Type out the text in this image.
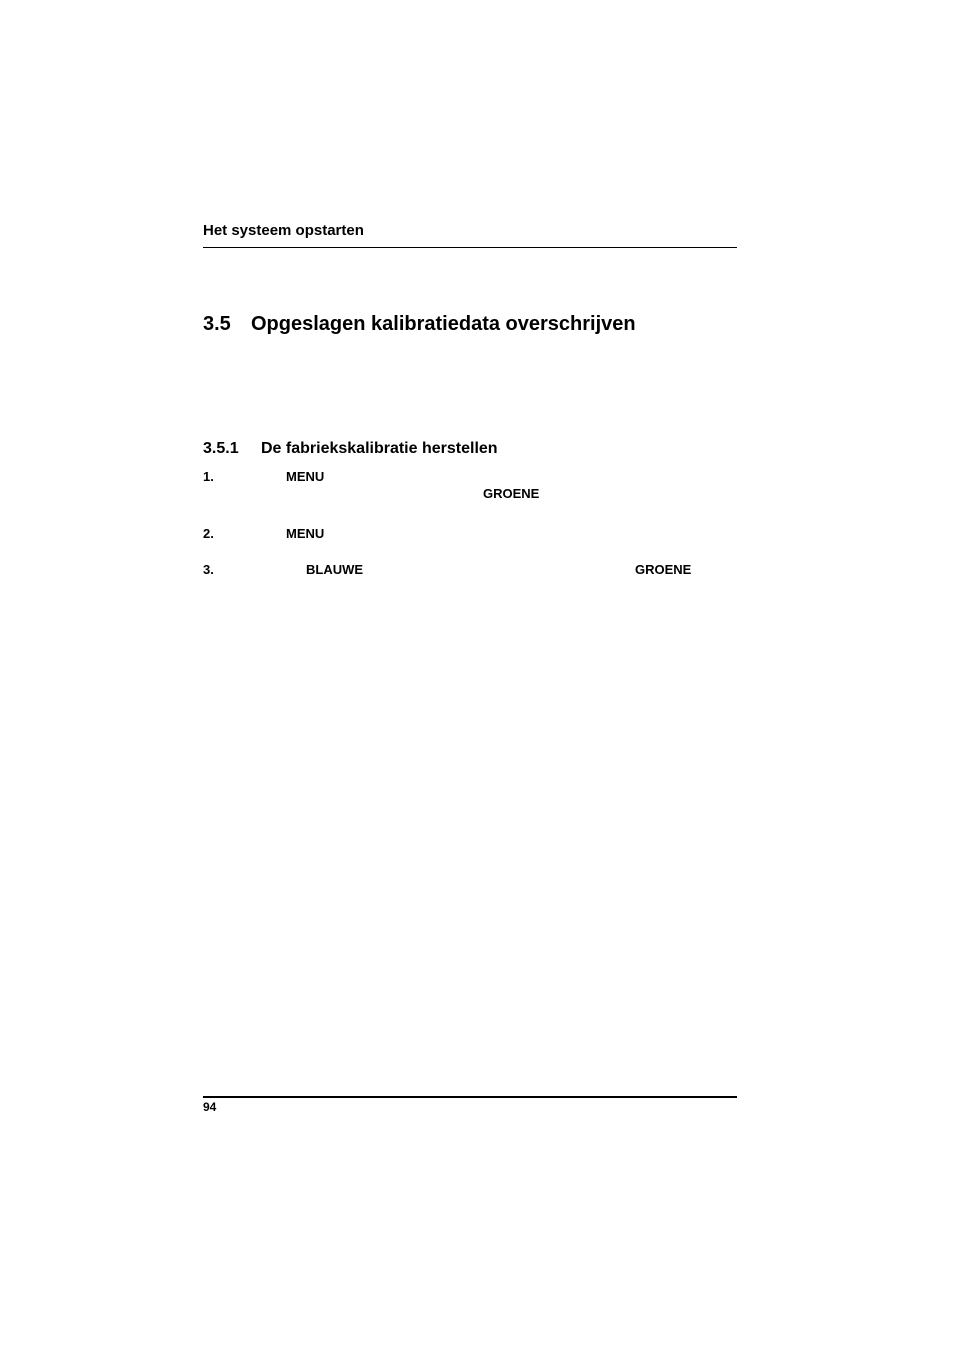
Het systeem opstarten
3.5 Opgeslagen kalibratiedata overschrijven
3.5.1 De fabriekskalibratie herstellen
1.	MENU
GROENE
2.	MENU
3.	BLAUWE	GROENE
94
